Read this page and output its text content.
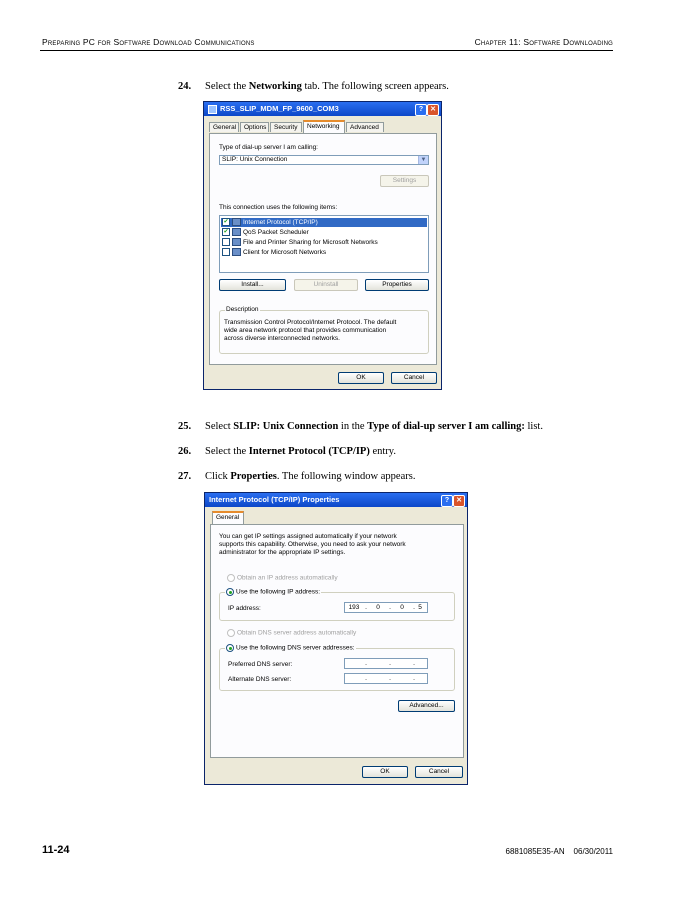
Preparing PC for Software Download Communications	Chapter 11: Software Downloading
24. Select the Networking tab. The following screen appears.
RSS_SLIP_MDM_FP_9600_COM3	? ✕
General	Options	Security	Networking	Advanced
Type of dial-up server I am calling:
SLIP: Unix Connection	▼
Settings
This connection uses the following items:
✔ Internet Protocol (TCP/IP)
✔ QoS Packet Scheduler
File and Printer Sharing for Microsoft Networks
Client for Microsoft Networks
Install...	Uninstall	Properties
Description
Transmission Control Protocol/Internet Protocol. The default
wide area network protocol that provides communication
across diverse interconnected networks.
OK	Cancel
25. Select SLIP: Unix Connection in the Type of dial-up server I am calling: list.
26. Select the Internet Protocol (TCP/IP) entry.
27. Click Properties. The following window appears.
Internet Protocol (TCP/IP) Properties	? ✕
General
You can get IP settings assigned automatically if your network
supports this capability. Otherwise, you need to ask your network
administrator for the appropriate IP settings.
Obtain an IP address automatically
Use the following IP address:
IP address:	193 .	0	.	0	. 5
Obtain DNS server address automatically
Use the following DNS server addresses:
Preferred DNS server:	.	.	.
Alternate DNS server:	.	.	.
Advanced...
OK	Cancel
11-24	6881085E35-AN    06/30/2011
